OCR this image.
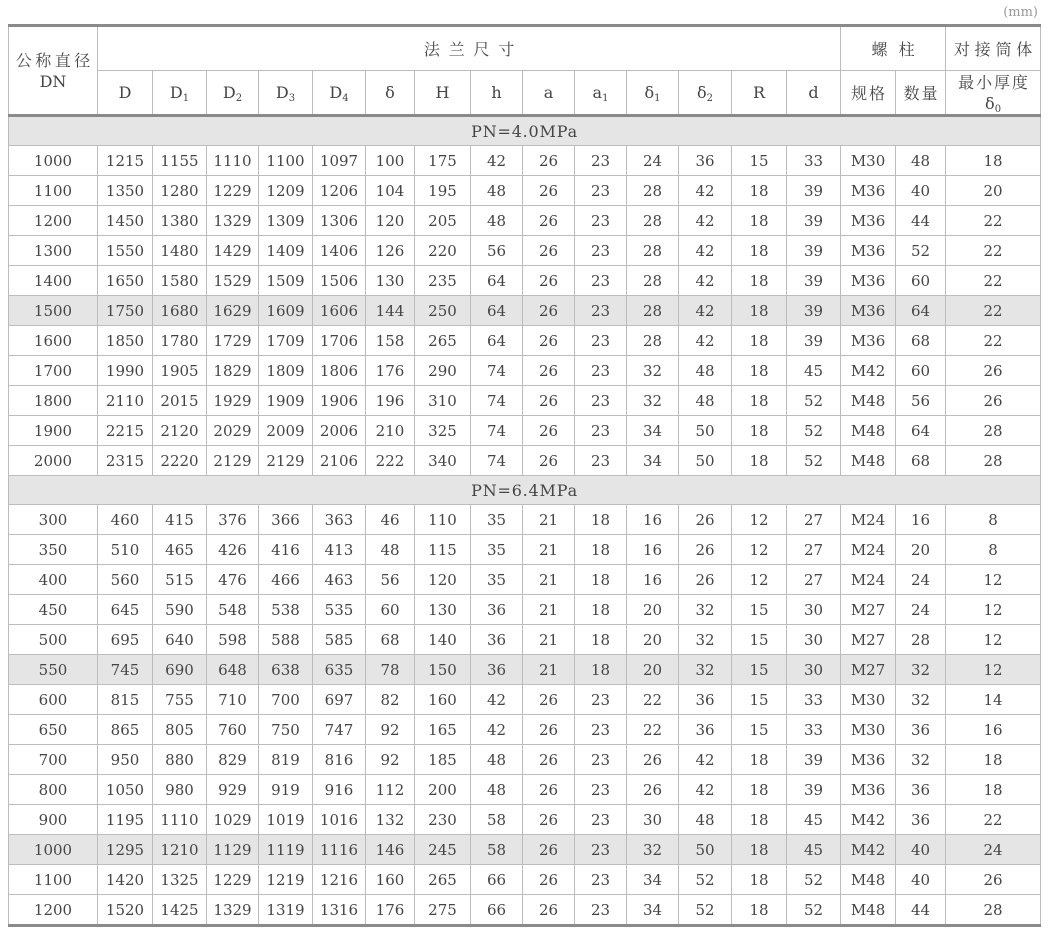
(mm)
公称直径
DN	法兰尺寸														螺柱		对接筒体
	D	$D_1$	$D_2$	$D_3$	$D_4$	δ	H	h	a	$a_1$	$\delta_1$	$\delta_2$	R	d	规格	数量	最小厚度
$\delta_0$

PN=4.0MPa																	
1000	1215	1155	1110	1100	1097	100	175	42	26	23	24	36	15	33	M30	48	18
1100	1350	1280	1229	1209	1206	104	195	48	26	23	28	42	18	39	M36	40	20
1200	1450	1380	1329	1309	1306	120	205	48	26	23	28	42	18	39	M36	44	22
1300	1550	1480	1429	1409	1406	126	220	56	26	23	28	42	18	39	M36	52	22
1400	1650	1580	1529	1509	1506	130	235	64	26	23	28	42	18	39	M36	60	22
1500	1750	1680	1629	1609	1606	144	250	64	26	23	28	42	18	39	M36	64	22
1600	1850	1780	1729	1709	1706	158	265	64	26	23	28	42	18	39	M36	68	22
1700	1990	1905	1829	1809	1806	176	290	74	26	23	32	48	18	45	M42	60	26
1800	2110	2015	1929	1909	1906	196	310	74	26	23	32	48	18	52	M48	56	26
1900	2215	2120	2029	2009	2006	210	325	74	26	23	34	50	18	52	M48	64	28
2000	2315	2220	2129	2129	2106	222	340	74	26	23	34	50	18	52	M48	68	28
PN=6.4MPa																	
300	460	415	376	366	363	46	110	35	21	18	16	26	12	27	M24	16	8
350	510	465	426	416	413	48	115	35	21	18	16	26	12	27	M24	20	8
400	560	515	476	466	463	56	120	35	21	18	16	26	12	27	M24	24	12
450	645	590	548	538	535	60	130	36	21	18	20	32	15	30	M27	24	12
500	695	640	598	588	585	68	140	36	21	18	20	32	15	30	M27	28	12
550	745	690	648	638	635	78	150	36	21	18	20	32	15	30	M27	32	12
600	815	755	710	700	697	82	160	42	26	23	22	36	15	33	M30	32	14
650	865	805	760	750	747	92	165	42	26	23	22	36	15	33	M30	36	16
700	950	880	829	819	816	92	185	48	26	23	26	42	18	39	M36	32	18
800	1050	980	929	919	916	112	200	48	26	23	26	42	18	39	M36	36	18
900	1195	1110	1029	1019	1016	132	230	58	26	23	30	48	18	45	M42	36	22
1000	1295	1210	1129	1119	1116	146	245	58	26	23	32	50	18	45	M42	40	24
1100	1420	1325	1229	1219	1216	160	265	66	26	23	34	52	18	52	M48	40	26
1200	1520	1425	1329	1319	1316	176	275	66	26	23	34	52	18	52	M48	44	28
